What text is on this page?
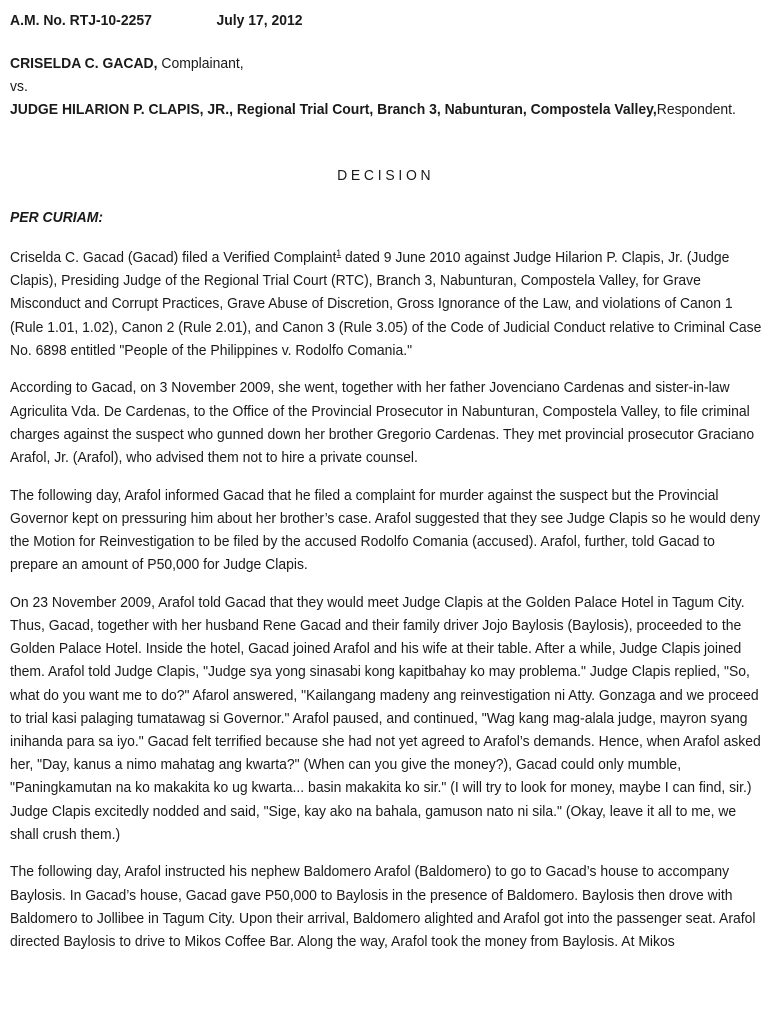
A.M. No. RTJ-10-2257	July 17, 2012

CRISELDA C. GACAD, Complainant,

vs.

JUDGE HILARION P. CLAPIS, JR., Regional Trial Court, Branch 3, Nabunturan, Compostela Valley,Respondent.

DECISION
PER CURIAM:

Criselda C. Gacad (Gacad) filed a Verified Complaint$^1$ dated 9 June 2010 against Judge Hilarion P. Clapis, Jr. (Judge Clapis), Presiding Judge of the Regional Trial Court (RTC), Branch 3, Nabunturan, Compostela Valley, for Grave Misconduct and Corrupt Practices, Grave Abuse of Discretion, Gross Ignorance of the Law, and violations of Canon 1 (Rule 1.01, 1.02), Canon 2 (Rule 2.01), and Canon 3 (Rule 3.05) of the Code of Judicial Conduct relative to Criminal Case No. 6898 entitled "People of the Philippines v. Rodolfo Comania."

According to Gacad, on 3 November 2009, she went, together with her father Jovenciano Cardenas and sister-in-law Agriculita Vda. De Cardenas, to the Office of the Provincial Prosecutor in Nabunturan, Compostela Valley, to file criminal charges against the suspect who gunned down her brother Gregorio Cardenas. They met provincial prosecutor Graciano Arafol, Jr. (Arafol), who advised them not to hire a private counsel.

The following day, Arafol informed Gacad that he filed a complaint for murder against the suspect but the Provincial Governor kept on pressuring him about her brother’s case. Arafol suggested that they see Judge Clapis so he would deny the Motion for Reinvestigation to be filed by the accused Rodolfo Comania (accused). Arafol, further, told Gacad to prepare an amount of P50,000 for Judge Clapis.

On 23 November 2009, Arafol told Gacad that they would meet Judge Clapis at the Golden Palace Hotel in Tagum City. Thus, Gacad, together with her husband Rene Gacad and their family driver Jojo Baylosis (Baylosis), proceeded to the Golden Palace Hotel. Inside the hotel, Gacad joined Arafol and his wife at their table. After a while, Judge Clapis joined them. Arafol told Judge Clapis, "Judge sya yong sinasabi kong kapitbahay ko may problema." Judge Clapis replied, "So, what do you want me to do?" Afarol answered, "Kailangang madeny ang reinvestigation ni Atty. Gonzaga and we proceed to trial kasi palaging tumatawag si Governor." Arafol paused, and continued, "Wag kang mag-alala judge, mayron syang inihanda para sa iyo." Gacad felt terrified because she had not yet agreed to Arafol’s demands. Hence, when Arafol asked her, "Day, kanus a nimo mahatag ang kwarta?" (When can you give the money?), Gacad could only mumble, "Paningkamutan na ko makakita ko ug kwarta... basin makakita ko sir." (I will try to look for money, maybe I can find, sir.) Judge Clapis excitedly nodded and said, "Sige, kay ako na bahala, gamuson nato ni sila." (Okay, leave it all to me, we shall crush them.)

The following day, Arafol instructed his nephew Baldomero Arafol (Baldomero) to go to Gacad’s house to accompany Baylosis. In Gacad’s house, Gacad gave P50,000 to Baylosis in the presence of Baldomero. Baylosis then drove with Baldomero to Jollibee in Tagum City. Upon their arrival, Baldomero alighted and Arafol got into the passenger seat. Arafol directed Baylosis to drive to Mikos Coffee Bar. Along the way, Arafol took the money from Baylosis. At Mikos
